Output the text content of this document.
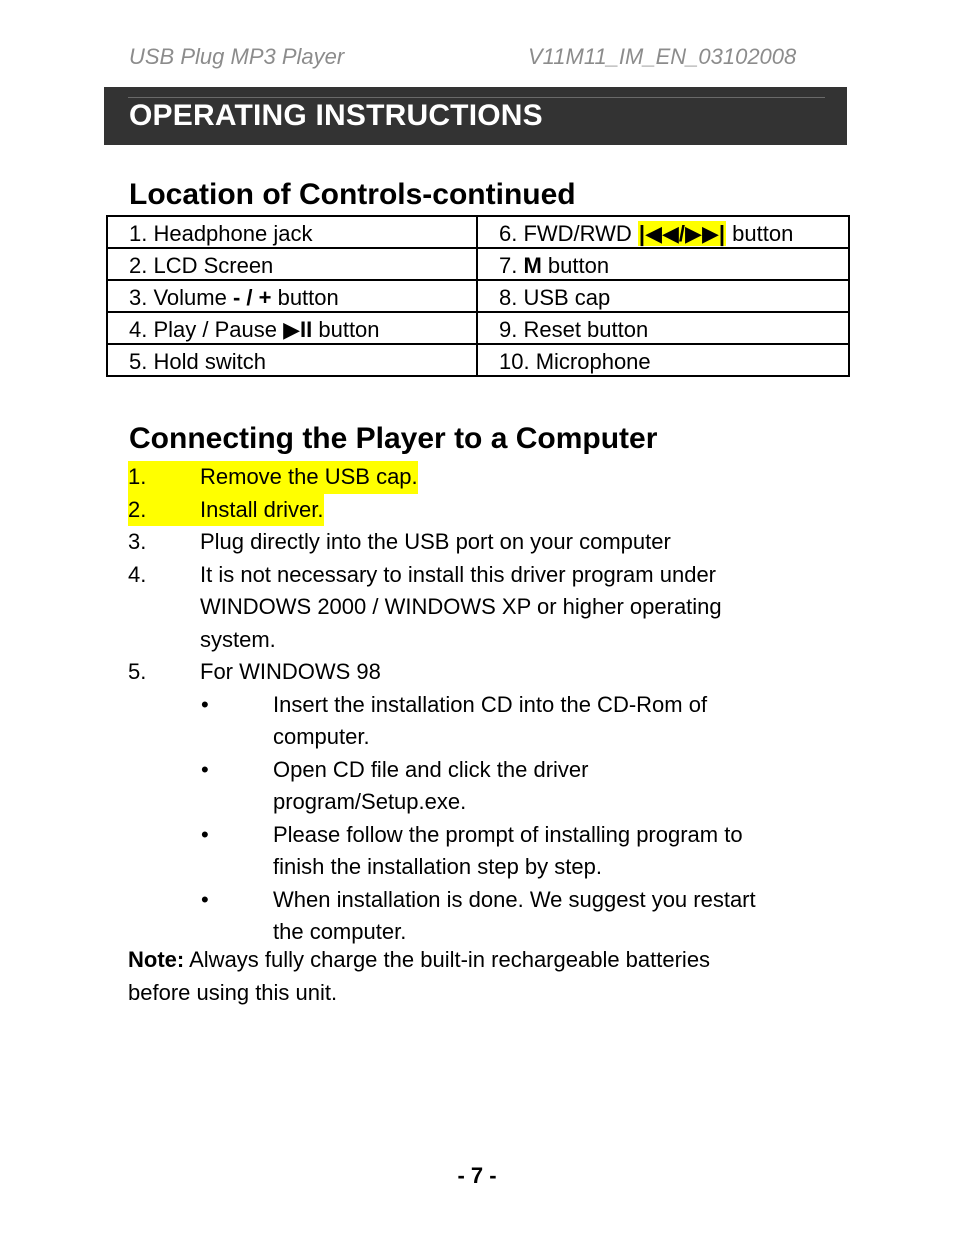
USB Plug MP3 Player	V11M11_IM_EN_03102008
OPERATING INSTRUCTIONS
Location of Controls-continued
1. Headphone jack	6. FWD/RWD |◀◀/▶▶| button
2. LCD Screen	7. M button
3. Volume - / + button	8. USB cap
4. Play / Pause ▶II button	9. Reset button
5. Hold switch	10. Microphone
Connecting the Player to a Computer
1.	Remove the USB cap.
2.	Install driver.
3.	Plug directly into the USB port on your computer
4.	It is not necessary to install this driver program under
WINDOWS 2000 / WINDOWS XP or higher operating
system.
5.	For WINDOWS 98
•	Insert the installation CD into the CD-Rom of
computer.
•	Open CD file and click the driver
program/Setup.exe.
•	Please follow the prompt of installing program to
finish the installation step by step.
•	When installation is done. We suggest you restart
the computer.
Note: Always fully charge the built-in rechargeable batteries
before using this unit.
- 7 -
